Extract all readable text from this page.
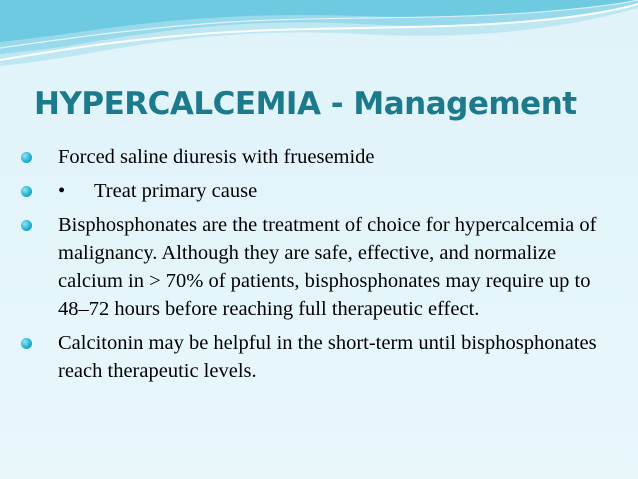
HYPERCALCEMIA - Management
Forced saline diuresis with fruesemide
• Treat primary cause
Bisphosphonates are the treatment of choice for hypercalcemia of malignancy. Although they are safe, effective, and normalize calcium in > 70% of patients, bisphosphonates may require up to 48–72 hours before reaching full therapeutic effect.
Calcitonin may be helpful in the short-term until bisphosphonates reach therapeutic levels.
